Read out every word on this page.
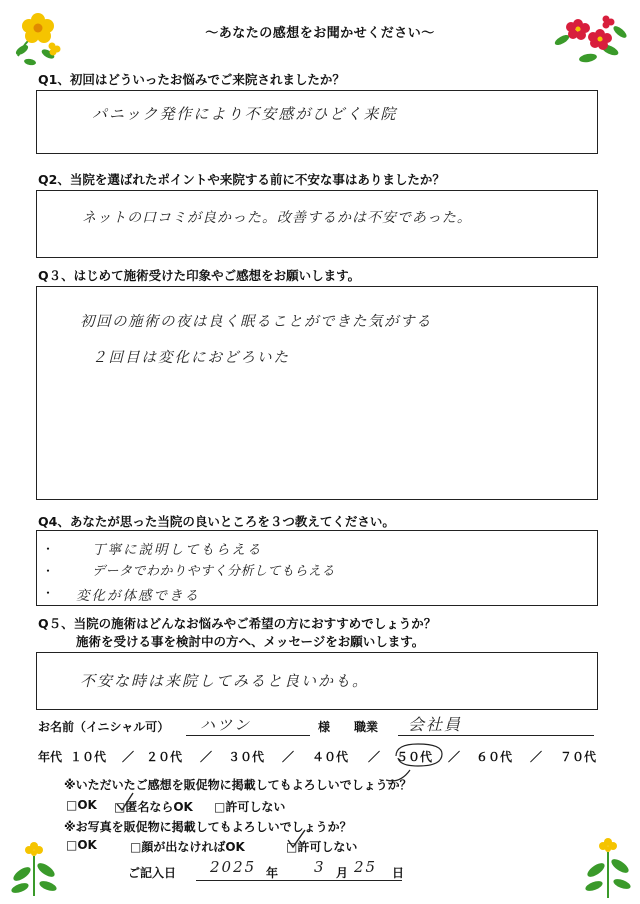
～あなたの感想をお聞かせください～
Q1、初回はどういったお悩みでご来院されましたか？
パニック発作により不安感がひどく来院
Q2、当院を選ばれたポイントや来院する前に不安な事はありましたか？
ネットの口コミが良かった。改善するかは不安であった。
Q３、はじめて施術受けた印象やご感想をお願いします。
初回の施術の夜は良く眠ることができた気がする
２回目は変化におどろいた
Q4、あなたが思った当院の良いところを３つ教えてください。
・
・
・
丁寧に説明してもらえる
データでわかりやすく分析してもらえる
変化が体感できる
Q５、当院の施術はどんなお悩みやご希望の方におすすめでしょうか？
施術を受ける事を検討中の方へ、メッセージをお願いします。
不安な時は来院してみると良いかも。
お名前（イニシャル可） ハツン	様 職業 会社員
年代 １０代 ／ ２０代 ／ ３０代 ／ ４０代 ／ ５０代 ／ ６０代 ／ ７０代
※いただいたご感想を販促物に掲載してもよろしいでしょうか？
□OK □匿名ならOK □許可しない
※お写真を販促物に掲載してもよろしいでしょうか？
□OK	□顔が出なければOK	□許可しない
ご記入日 2025 年 3 月 25 日
